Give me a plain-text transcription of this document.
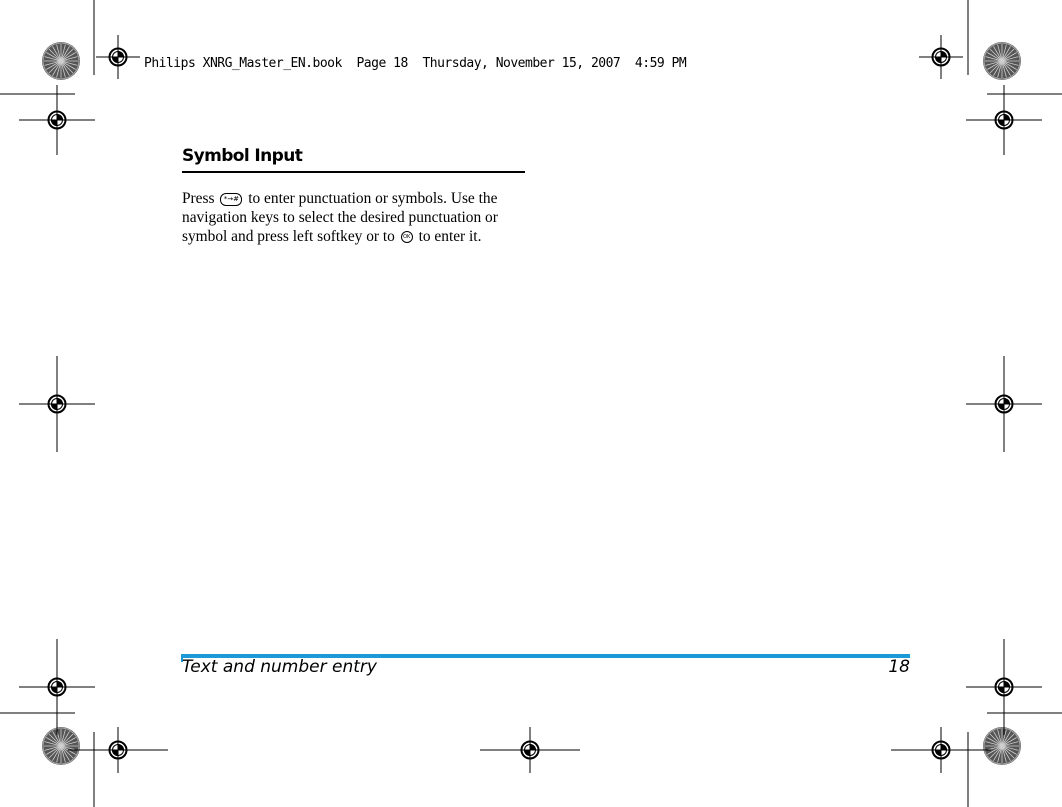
Philips XNRG_Master_EN.book Page 18 Thursday, November 15, 2007  4:59 PM
Symbol Input
Press *→# to enter punctuation or symbols. Use the navigation keys to select the desired punctuation or symbol and press left softkey or to OK to enter it.
Text and number entry	18
